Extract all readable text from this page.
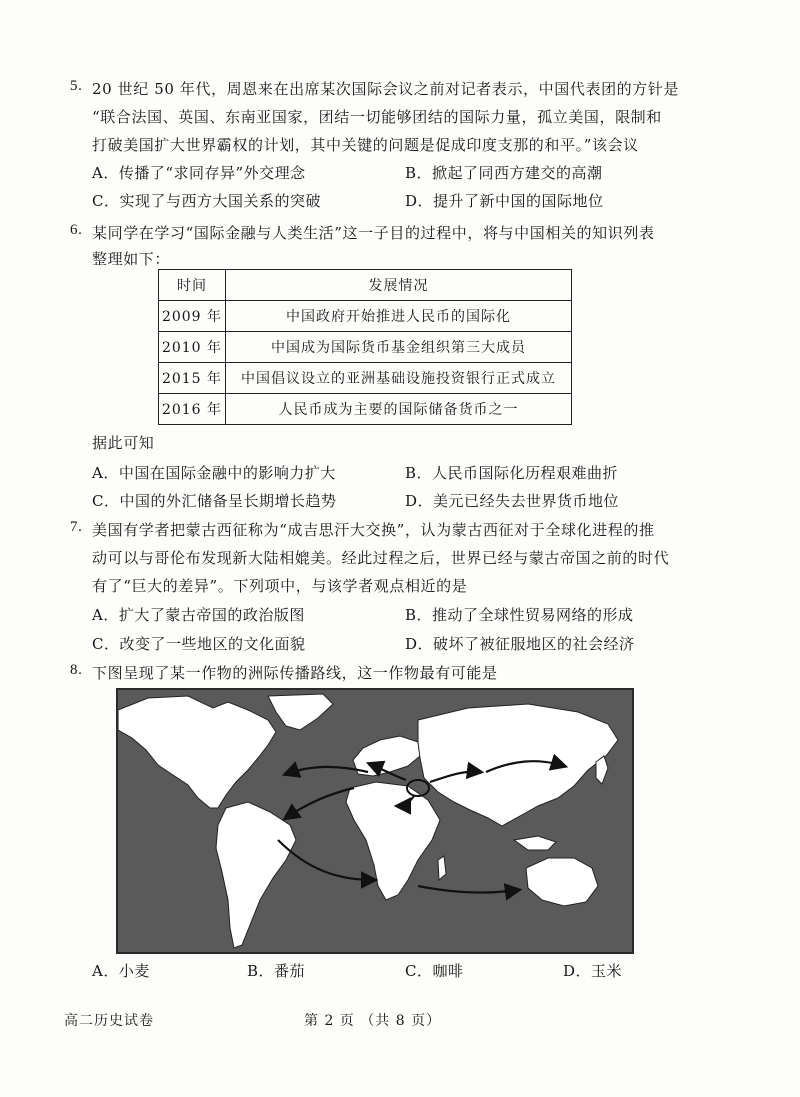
5. 20 世纪 50 年代，周恩来在出席某次国际会议之前对记者表示，中国代表团的方针是
“联合法国、英国、东南亚国家，团结一切能够团结的国际力量，孤立美国，限制和
打破美国扩大世界霸权的计划，其中关键的问题是促成印度支那的和平。”该会议
A．传播了“求同存异”外交理念	B．掀起了同西方建交的高潮
C．实现了与西方大国关系的突破	D．提升了新中国的国际地位
6. 某同学在学习“国际金融与人类生活”这一子目的过程中，将与中国相关的知识列表
整理如下：
时间	发展情况
2009 年	中国政府开始推进人民币的国际化
2010 年	中国成为国际货币基金组织第三大成员
2015 年	中国倡议设立的亚洲基础设施投资银行正式成立
2016 年	人民币成为主要的国际储备货币之一
据此可知
A．中国在国际金融中的影响力扩大	B．人民币国际化历程艰难曲折
C．中国的外汇储备呈长期增长趋势	D．美元已经失去世界货币地位
7. 美国有学者把蒙古西征称为“成吉思汗大交换”，认为蒙古西征对于全球化进程的推
动可以与哥伦布发现新大陆相媲美。经此过程之后，世界已经与蒙古帝国之前的时代
有了“巨大的差异”。下列项中，与该学者观点相近的是
A．扩大了蒙古帝国的政治版图	B．推动了全球性贸易网络的形成
C．改变了一些地区的文化面貌	D．破坏了被征服地区的社会经济
8. 下图呈现了某一作物的洲际传播路线，这一作物最有可能是
A．小麦	B．番茄	C．咖啡	D．玉米
高二历史试卷	第 2 页 （共 8 页）
